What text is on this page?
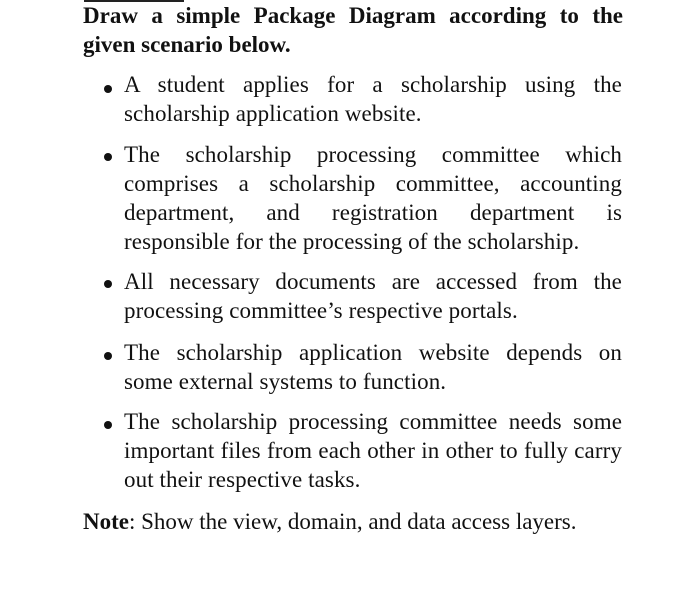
Draw a simple Package Diagram according to the given scenario below.
A student applies for a scholarship using the scholarship application website.
The scholarship processing committee which comprises a scholarship committee, accounting department, and registration department is responsible for the processing of the scholarship.
All necessary documents are accessed from the processing committee’s respective portals.
The scholarship application website depends on some external systems to function.
The scholarship processing committee needs some important files from each other in other to fully carry out their respective tasks.
Note: Show the view, domain, and data access layers.
